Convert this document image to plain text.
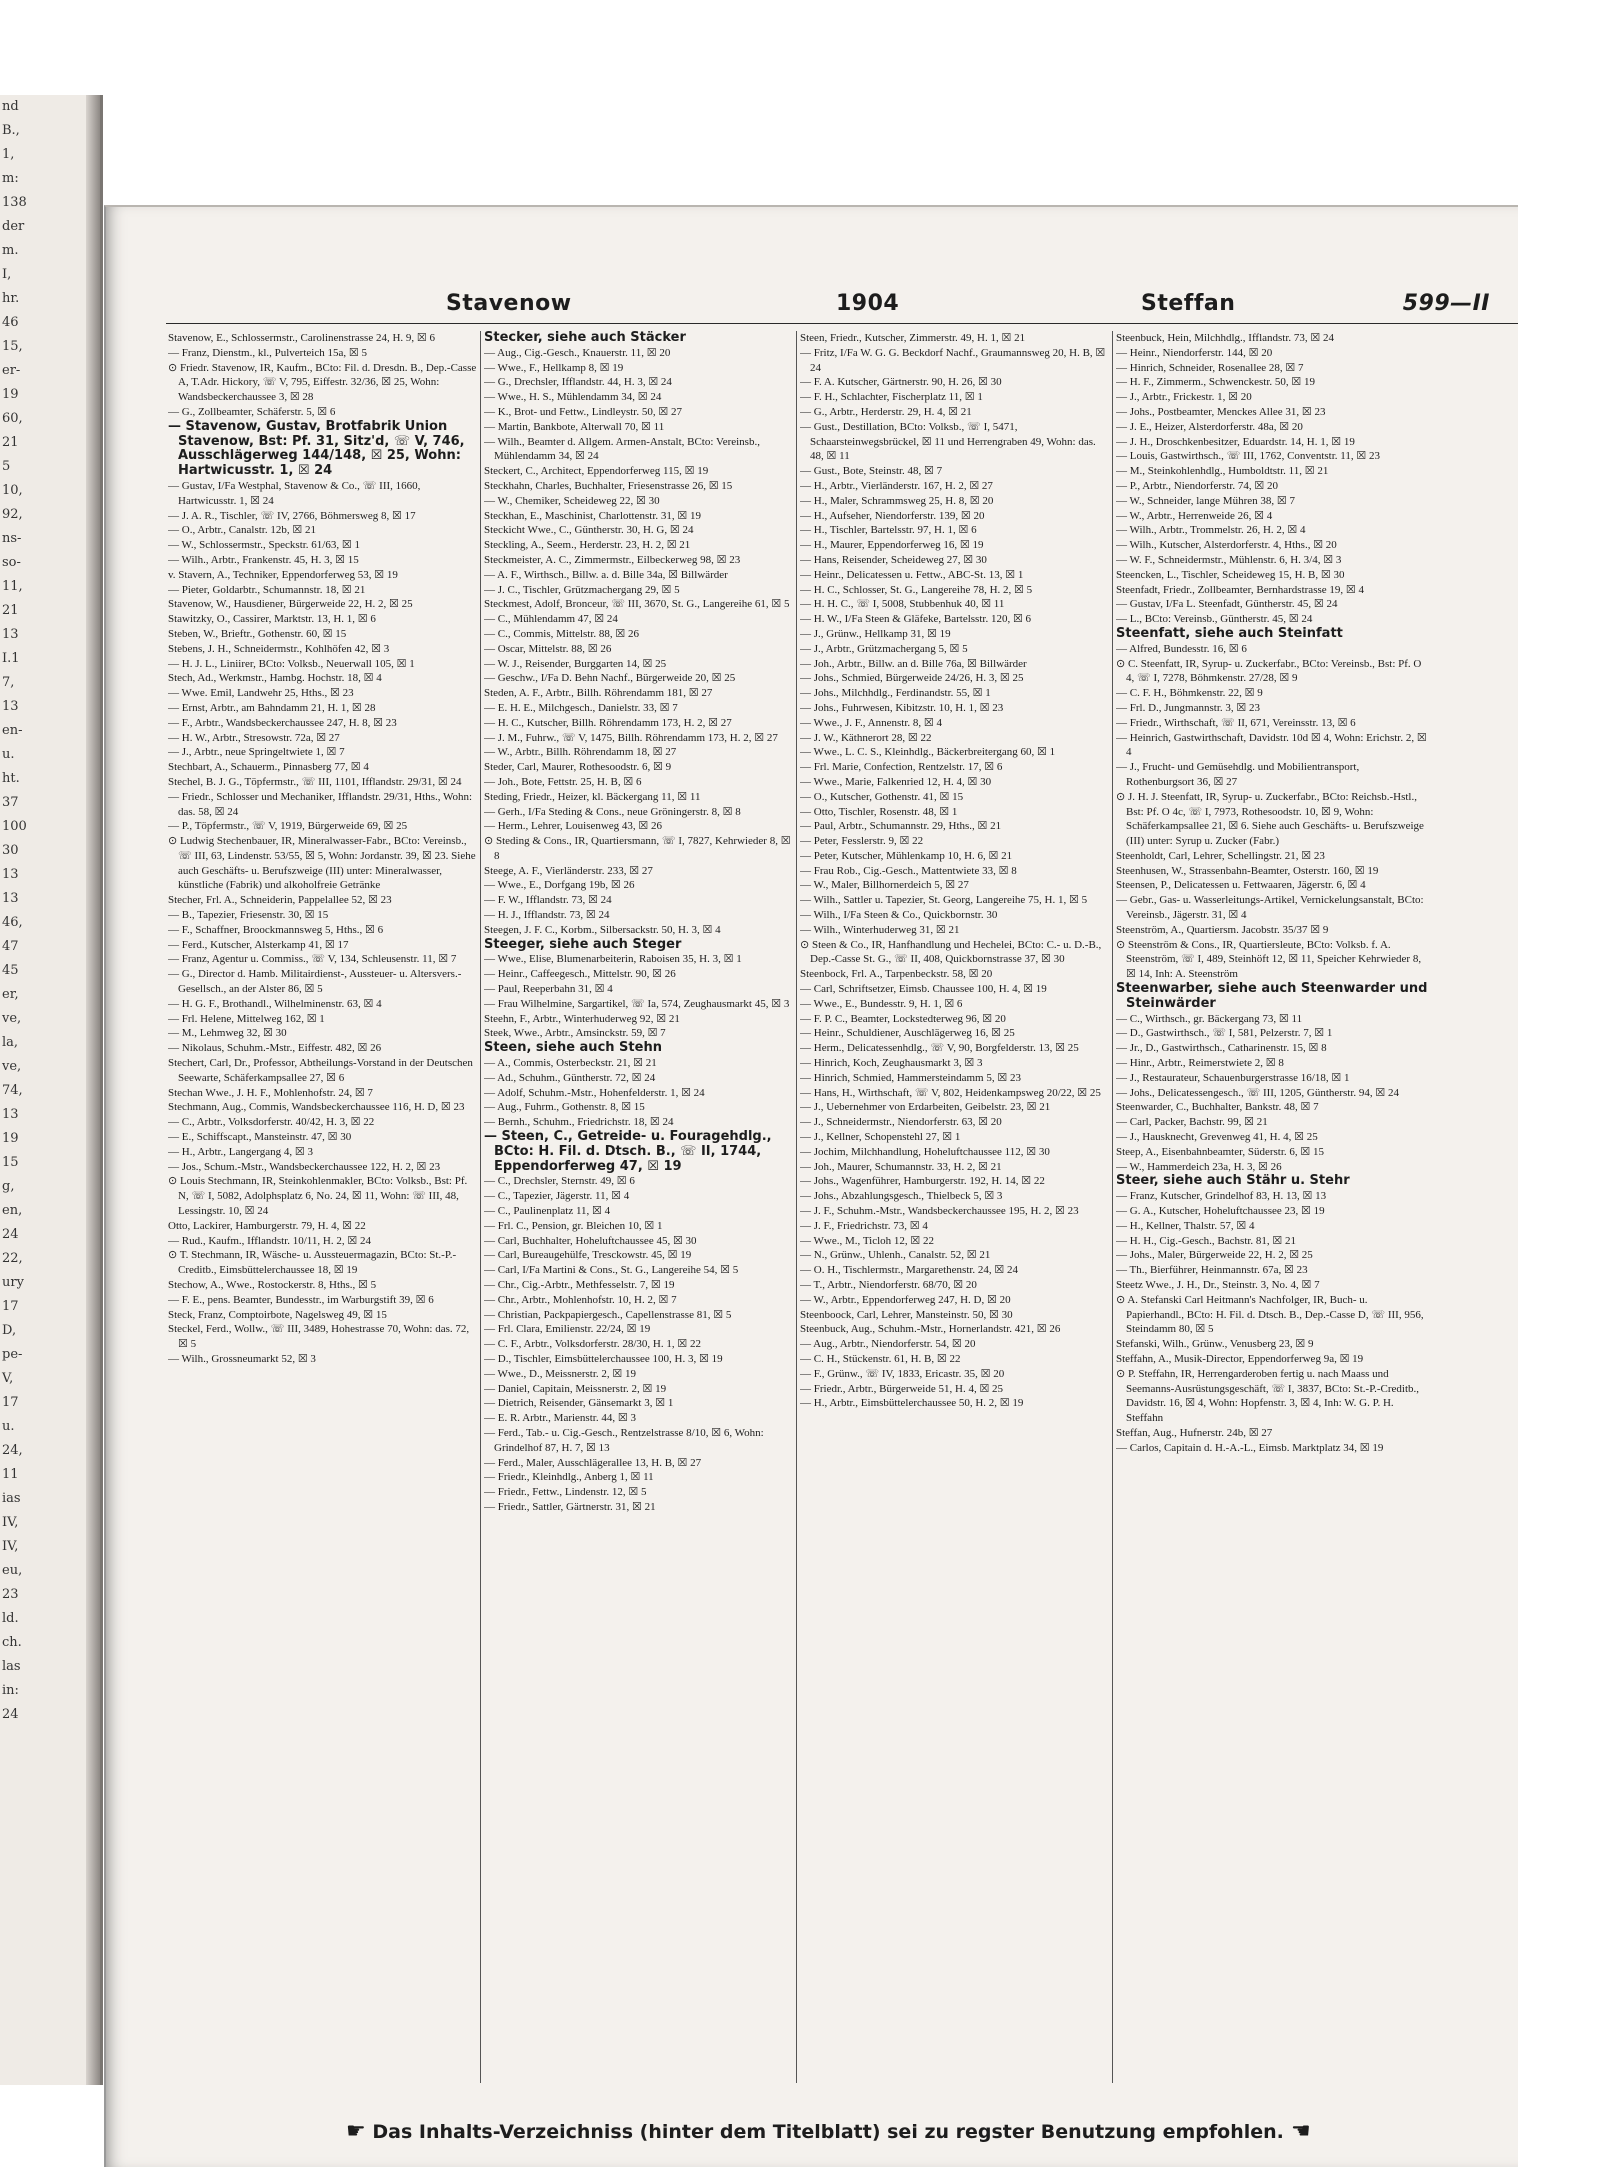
nd
B.,
1,
m:
138
der
m.
I,
hr.
46
15,
er-
19
60,
21
5
10,
92,
ns-
so-
11,
21
13
I.1
7,
13
en-
u.
ht.
37
100
30
13
13
46,
47
45
er,
ve,
la,
ve,
74,
13
19
15
g,
en,
24
22,
ury
17
D,
pe-
V,
17
u.
24,
11
ias
IV,
IV,
eu,
23
ld.
ch.
las
in:
24
Stavenow	1904	Steffan	599—II

Stavenow, E., Schlossermstr., Carolinenstrasse 24, H. 9, ☒ 6

— Franz, Dienstm., kl., Pulverteich 15a, ☒ 5

⊙ Friedr. Stavenow, IR, Kaufm., BCto: Fil. d. Dresdn. B., Dep.-Casse A, T.Adr. Hickory, ☏ V, 795, Eiffestr. 32/36, ☒ 25, Wohn: Wandsbeckerchaussee 3, ☒ 28

— G., Zollbeamter, Schäferstr. 5, ☒ 6

— Stavenow, Gustav, Brotfabrik Union Stavenow, Bst: Pf. 31, Sitz'd, ☏ V, 746, Ausschlägerweg 144/148, ☒ 25, Wohn: Hartwicusstr. 1, ☒ 24

— Gustav, I/Fa Westphal, Stavenow & Co., ☏ III, 1660, Hartwicusstr. 1, ☒ 24

— J. A. R., Tischler, ☏ IV, 2766, Böhmersweg 8, ☒ 17

— O., Arbtr., Canalstr. 12b, ☒ 21

— W., Schlossermstr., Speckstr. 61/63, ☒ 1

— Wilh., Arbtr., Frankenstr. 45, H. 3, ☒ 15

v. Stavern, A., Techniker, Eppendorferweg 53, ☒ 19

— Pieter, Goldarbtr., Schumannstr. 18, ☒ 21

Stavenow, W., Hausdiener, Bürgerweide 22, H. 2, ☒ 25

Stawitzky, O., Cassirer, Marktstr. 13, H. 1, ☒ 6

Steben, W., Brieftr., Gothenstr. 60, ☒ 15

Stebens, J. H., Schneidermstr., Kohlhöfen 42, ☒ 3

— H. J. L., Liniirer, BCto: Volksb., Neuerwall 105, ☒ 1

Stech, Ad., Werkmstr., Hambg. Hochstr. 18, ☒ 4

— Wwe. Emil, Landwehr 25, Hths., ☒ 23

— Ernst, Arbtr., am Bahndamm 21, H. 1, ☒ 28

— F., Arbtr., Wandsbeckerchaussee 247, H. 8, ☒ 23

— H. W., Arbtr., Stresowstr. 72a, ☒ 27

— J., Arbtr., neue Springeltwiete 1, ☒ 7

Stechbart, A., Schauerm., Pinnasberg 77, ☒ 4

Stechel, B. J. G., Töpfermstr., ☏ III, 1101, Ifflandstr. 29/31, ☒ 24

— Friedr., Schlosser und Mechaniker, Ifflandstr. 29/31, Hths., Wohn: das. 58, ☒ 24

— P., Töpfermstr., ☏ V, 1919, Bürgerweide 69, ☒ 25

⊙ Ludwig Stechenbauer, IR, Mineralwasser-Fabr., BCto: Vereinsb., ☏ III, 63, Lindenstr. 53/55, ☒ 5, Wohn: Jordanstr. 39, ☒ 23. Siehe auch Geschäfts- u. Berufszweige (III) unter: Mineralwasser, künstliche (Fabrik) und alkoholfreie Getränke

Stecher, Frl. A., Schneiderin, Pappelallee 52, ☒ 23

— B., Tapezier, Friesenstr. 30, ☒ 15

— F., Schaffner, Broockmannsweg 5, Hths., ☒ 6

— Ferd., Kutscher, Alsterkamp 41, ☒ 17

— Franz, Agentur u. Commiss., ☏ V, 134, Schleusenstr. 11, ☒ 7

— G., Director d. Hamb. Militairdienst-, Aussteuer- u. Altersvers.-Gesellsch., an der Alster 86, ☒ 5

— H. G. F., Brothandl., Wilhelminenstr. 63, ☒ 4

— Frl. Helene, Mittelweg 162, ☒ 1

— M., Lehmweg 32, ☒ 30

— Nikolaus, Schuhm.-Mstr., Eiffestr. 482, ☒ 26

Stechert, Carl, Dr., Professor, Abtheilungs-Vorstand in der Deutschen Seewarte, Schäferkampsallee 27, ☒ 6

Stechan Wwe., J. H. F., Mohlenhofstr. 24, ☒ 7

Stechmann, Aug., Commis, Wandsbeckerchaussee 116, H. D, ☒ 23

— C., Arbtr., Volksdorferstr. 40/42, H. 3, ☒ 22

— E., Schiffscapt., Mansteinstr. 47, ☒ 30

— H., Arbtr., Langergang 4, ☒ 3

— Jos., Schum.-Mstr., Wandsbeckerchaussee 122, H. 2, ☒ 23

⊙ Louis Stechmann, IR, Steinkohlenmakler, BCto: Volksb., Bst: Pf. N, ☏ I, 5082, Adolphsplatz 6, No. 24, ☒ 11, Wohn: ☏ III, 48, Lessingstr. 10, ☒ 24

Otto, Lackirer, Hamburgerstr. 79, H. 4, ☒ 22

— Rud., Kaufm., Ifflandstr. 10/11, H. 2, ☒ 24

⊙ T. Stechmann, IR, Wäsche- u. Aussteuermagazin, BCto: St.-P.-Creditb., Eimsbüttelerchaussee 18, ☒ 19

Stechow, A., Wwe., Rostockerstr. 8, Hths., ☒ 5

— F. E., pens. Beamter, Bundesstr., im Warburgstift 39, ☒ 6

Steck, Franz, Comptoirbote, Nagelsweg 49, ☒ 15

Steckel, Ferd., Wollw., ☏ III, 3489, Hohestrasse 70, Wohn: das. 72, ☒ 5

— Wilh., Grossneumarkt 52, ☒ 3

Stecker, siehe auch Stäcker

— Aug., Cig.-Gesch., Knauerstr. 11, ☒ 20

— Wwe., F., Hellkamp 8, ☒ 19

— G., Drechsler, Ifflandstr. 44, H. 3, ☒ 24

— Wwe., H. S., Mühlendamm 34, ☒ 24

— K., Brot- und Fettw., Lindleystr. 50, ☒ 27

— Martin, Bankbote, Alterwall 70, ☒ 11

— Wilh., Beamter d. Allgem. Armen-Anstalt, BCto: Vereinsb., Mühlendamm 34, ☒ 24

Steckert, C., Architect, Eppendorferweg 115, ☒ 19

Steckhahn, Charles, Buchhalter, Friesenstrasse 26, ☒ 15

— W., Chemiker, Scheideweg 22, ☒ 30

Steckhan, E., Maschinist, Charlottenstr. 31, ☒ 19

Steckicht Wwe., C., Güntherstr. 30, H. G, ☒ 24

Steckling, A., Seem., Herderstr. 23, H. 2, ☒ 21

Steckmeister, A. C., Zimmermstr., Eilbeckerweg 98, ☒ 23

— A. F., Wirthsch., Billw. a. d. Bille 34a, ☒ Billwärder

— J. C., Tischler, Grützmachergang 29, ☒ 5

Steckmest, Adolf, Bronceur, ☏ III, 3670, St. G., Langereihe 61, ☒ 5

— C., Mühlendamm 47, ☒ 24

— C., Commis, Mittelstr. 88, ☒ 26

— Oscar, Mittelstr. 88, ☒ 26

— W. J., Reisender, Burggarten 14, ☒ 25

— Geschw., I/Fa D. Behn Nachf., Bürgerweide 20, ☒ 25

Steden, A. F., Arbtr., Billh. Röhrendamm 181, ☒ 27

— E. H. E., Milchgesch., Danielstr. 33, ☒ 7

— H. C., Kutscher, Billh. Röhrendamm 173, H. 2, ☒ 27

— J. M., Fuhrw., ☏ V, 1475, Billh. Röhrendamm 173, H. 2, ☒ 27

— W., Arbtr., Billh. Röhrendamm 18, ☒ 27

Steder, Carl, Maurer, Rothesoodstr. 6, ☒ 9

— Joh., Bote, Fettstr. 25, H. B, ☒ 6

Steding, Friedr., Heizer, kl. Bäckergang 11, ☒ 11

— Gerh., I/Fa Steding & Cons., neue Gröningerstr. 8, ☒ 8

— Herm., Lehrer, Louisenweg 43, ☒ 26

⊙ Steding & Cons., IR, Quartiersmann, ☏ I, 7827, Kehrwieder 8, ☒ 8

Steege, A. F., Vierländerstr. 233, ☒ 27

— Wwe., E., Dorfgang 19b, ☒ 26

— F. W., Ifflandstr. 73, ☒ 24

— H. J., Ifflandstr. 73, ☒ 24

Steegen, J. F. C., Korbm., Silbersackstr. 50, H. 3, ☒ 4

Steeger, siehe auch Steger

— Wwe., Elise, Blumenarbeiterin, Raboisen 35, H. 3, ☒ 1

— Heinr., Caffeegesch., Mittelstr. 90, ☒ 26

— Paul, Reeperbahn 31, ☒ 4

— Frau Wilhelmine, Sargartikel, ☏ Ia, 574, Zeughausmarkt 45, ☒ 3

Steehn, F., Arbtr., Winterhuderweg 92, ☒ 21

Steek, Wwe., Arbtr., Amsinckstr. 59, ☒ 7

Steen, siehe auch Stehn

— A., Commis, Osterbeckstr. 21, ☒ 21

— Ad., Schuhm., Güntherstr. 72, ☒ 24

— Adolf, Schuhm.-Mstr., Hohenfelderstr. 1, ☒ 24

— Aug., Fuhrm., Gothenstr. 8, ☒ 15

— Bernh., Schuhm., Friedrichstr. 18, ☒ 24

— Steen, C., Getreide- u. Fouragehdlg., BCto: H. Fil. d. Dtsch. B., ☏ II, 1744, Eppendorferweg 47, ☒ 19

— C., Drechsler, Sternstr. 49, ☒ 6

— C., Tapezier, Jägerstr. 11, ☒ 4

— C., Paulinenplatz 11, ☒ 4

— Frl. C., Pension, gr. Bleichen 10, ☒ 1

— Carl, Buchhalter, Hoheluftchaussee 45, ☒ 30

— Carl, Bureaugehülfe, Tresckowstr. 45, ☒ 19

— Carl, I/Fa Martini & Cons., St. G., Langereihe 54, ☒ 5

— Chr., Cig.-Arbtr., Methfesselstr. 7, ☒ 19

— Chr., Arbtr., Mohlenhofstr. 10, H. 2, ☒ 7

— Christian, Packpapiergesch., Capellenstrasse 81, ☒ 5

— Frl. Clara, Emilienstr. 22/24, ☒ 19

— C. F., Arbtr., Volksdorferstr. 28/30, H. 1, ☒ 22

— D., Tischler, Eimsbüttelerchaussee 100, H. 3, ☒ 19

— Wwe., D., Meissnerstr. 2, ☒ 19

— Daniel, Capitain, Meissnerstr. 2, ☒ 19

— Dietrich, Reisender, Gänsemarkt 3, ☒ 1

— E. R. Arbtr., Marienstr. 44, ☒ 3

— Ferd., Tab.- u. Cig.-Gesch., Rentzelstrasse 8/10, ☒ 6, Wohn: Grindelhof 87, H. 7, ☒ 13

— Ferd., Maler, Ausschlägerallee 13, H. B, ☒ 27

— Friedr., Kleinhdlg., Anberg 1, ☒ 11

— Friedr., Fettw., Lindenstr. 12, ☒ 5

— Friedr., Sattler, Gärtnerstr. 31, ☒ 21

Steen, Friedr., Kutscher, Zimmerstr. 49, H. 1, ☒ 21

— Fritz, I/Fa W. G. G. Beckdorf Nachf., Graumannsweg 20, H. B, ☒ 24

— F. A. Kutscher, Gärtnerstr. 90, H. 26, ☒ 30

— F. H., Schlachter, Fischerplatz 11, ☒ 1

— G., Arbtr., Herderstr. 29, H. 4, ☒ 21

— Gust., Destillation, BCto: Volksb., ☏ I, 5471, Schaarsteinwegsbrückel, ☒ 11 und Herrengraben 49, Wohn: das. 48, ☒ 11

— Gust., Bote, Steinstr. 48, ☒ 7

— H., Arbtr., Vierländerstr. 167, H. 2, ☒ 27

— H., Maler, Schrammsweg 25, H. 8, ☒ 20

— H., Aufseher, Niendorferstr. 139, ☒ 20

— H., Tischler, Bartelsstr. 97, H. 1, ☒ 6

— H., Maurer, Eppendorferweg 16, ☒ 19

— Hans, Reisender, Scheideweg 27, ☒ 30

— Heinr., Delicatessen u. Fettw., ABC-St. 13, ☒ 1

— H. C., Schlosser, St. G., Langereihe 78, H. 2, ☒ 5

— H. H. C., ☏ I, 5008, Stubbenhuk 40, ☒ 11

— H. W., I/Fa Steen & Gläfeke, Bartelsstr. 120, ☒ 6

— J., Grünw., Hellkamp 31, ☒ 19

— J., Arbtr., Grützmachergang 5, ☒ 5

— Joh., Arbtr., Billw. an d. Bille 76a, ☒ Billwärder

— Johs., Schmied, Bürgerweide 24/26, H. 3, ☒ 25

— Johs., Milchhdlg., Ferdinandstr. 55, ☒ 1

— Johs., Fuhrwesen, Kibitzstr. 10, H. 1, ☒ 23

— Wwe., J. F., Annenstr. 8, ☒ 4

— J. W., Käthnerort 28, ☒ 22

— Wwe., L. C. S., Kleinhdlg., Bäckerbreitergang 60, ☒ 1

— Frl. Marie, Confection, Rentzelstr. 17, ☒ 6

— Wwe., Marie, Falkenried 12, H. 4, ☒ 30

— O., Kutscher, Gothenstr. 41, ☒ 15

— Otto, Tischler, Rosenstr. 48, ☒ 1

— Paul, Arbtr., Schumannstr. 29, Hths., ☒ 21

— Peter, Fesslerstr. 9, ☒ 22

— Peter, Kutscher, Mühlenkamp 10, H. 6, ☒ 21

— Frau Rob., Cig.-Gesch., Mattentwiete 33, ☒ 8

— W., Maler, Billhornerdeich 5, ☒ 27

— Wilh., Sattler u. Tapezier, St. Georg, Langereihe 75, H. 1, ☒ 5

— Wilh., I/Fa Steen & Co., Quickbornstr. 30

— Wilh., Winterhuderweg 31, ☒ 21

⊙ Steen & Co., IR, Hanfhandlung und Hechelei, BCto: C.- u. D.-B., Dep.-Casse St. G., ☏ II, 408, Quickbornstrasse 37, ☒ 30

Steenbock, Frl. A., Tarpenbeckstr. 58, ☒ 20

— Carl, Schriftsetzer, Eimsb. Chaussee 100, H. 4, ☒ 19

— Wwe., E., Bundesstr. 9, H. 1, ☒ 6

— F. P. C., Beamter, Lockstedterweg 96, ☒ 20

— Heinr., Schuldiener, Auschlägerweg 16, ☒ 25

— Herm., Delicatessenhdlg., ☏ V, 90, Borgfelderstr. 13, ☒ 25

— Hinrich, Koch, Zeughausmarkt 3, ☒ 3

— Hinrich, Schmied, Hammersteindamm 5, ☒ 23

— Hans, H., Wirthschaft, ☏ V, 802, Heidenkampsweg 20/22, ☒ 25

— J., Uebernehmer von Erdarbeiten, Geibelstr. 23, ☒ 21

— J., Schneidermstr., Niendorferstr. 63, ☒ 20

— J., Kellner, Schopenstehl 27, ☒ 1

— Jochim, Milchhandlung, Hoheluftchaussee 112, ☒ 30

— Joh., Maurer, Schumannstr. 33, H. 2, ☒ 21

— Johs., Wagenführer, Hamburgerstr. 192, H. 14, ☒ 22

— Johs., Abzahlungsgesch., Thielbeck 5, ☒ 3

— J. F., Schuhm.-Mstr., Wandsbeckerchaussee 195, H. 2, ☒ 23

— J. F., Friedrichstr. 73, ☒ 4

— Wwe., M., Ticloh 12, ☒ 22

— N., Grünw., Uhlenh., Canalstr. 52, ☒ 21

— O. H., Tischlermstr., Margarethenstr. 24, ☒ 24

— T., Arbtr., Niendorferstr. 68/70, ☒ 20

— W., Arbtr., Eppendorferweg 247, H. D, ☒ 20

Steenboock, Carl, Lehrer, Mansteinstr. 50, ☒ 30

Steenbuck, Aug., Schuhm.-Mstr., Hornerlandstr. 421, ☒ 26

— Aug., Arbtr., Niendorferstr. 54, ☒ 20

— C. H., Stückenstr. 61, H. B, ☒ 22

— F., Grünw., ☏ IV, 1833, Ericastr. 35, ☒ 20

— Friedr., Arbtr., Bürgerweide 51, H. 4, ☒ 25

— H., Arbtr., Eimsbüttelerchaussee 50, H. 2, ☒ 19

Steenbuck, Hein, Milchhdlg., Ifflandstr. 73, ☒ 24

— Heinr., Niendorferstr. 144, ☒ 20

— Hinrich, Schneider, Rosenallee 28, ☒ 7

— H. F., Zimmerm., Schwenckestr. 50, ☒ 19

— J., Arbtr., Frickestr. 1, ☒ 20

— Johs., Postbeamter, Menckes Allee 31, ☒ 23

— J. E., Heizer, Alsterdorferstr. 48a, ☒ 20

— J. H., Droschkenbesitzer, Eduardstr. 14, H. 1, ☒ 19

— Louis, Gastwirthsch., ☏ III, 1762, Conventstr. 11, ☒ 23

— M., Steinkohlenhdlg., Humboldtstr. 11, ☒ 21

— P., Arbtr., Niendorferstr. 74, ☒ 20

— W., Schneider, lange Mühren 38, ☒ 7

— W., Arbtr., Herrenweide 26, ☒ 4

— Wilh., Arbtr., Trommelstr. 26, H. 2, ☒ 4

— Wilh., Kutscher, Alsterdorferstr. 4, Hths., ☒ 20

— W. F., Schneidermstr., Mühlenstr. 6, H. 3/4, ☒ 3

Steencken, L., Tischler, Scheideweg 15, H. B, ☒ 30

Steenfadt, Friedr., Zollbeamter, Bernhardstrasse 19, ☒ 4

— Gustav, I/Fa L. Steenfadt, Güntherstr. 45, ☒ 24

— L., BCto: Vereinsb., Güntherstr. 45, ☒ 24

Steenfatt, siehe auch Steinfatt

— Alfred, Bundesstr. 16, ☒ 6

⊙ C. Steenfatt, IR, Syrup- u. Zuckerfabr., BCto: Vereinsb., Bst: Pf. O 4, ☏ I, 7278, Böhmkenstr. 27/28, ☒ 9

— C. F. H., Böhmkenstr. 22, ☒ 9

— Frl. D., Jungmannstr. 3, ☒ 23

— Friedr., Wirthschaft, ☏ II, 671, Vereinsstr. 13, ☒ 6

— Heinrich, Gastwirthschaft, Davidstr. 10d ☒ 4, Wohn: Erichstr. 2, ☒ 4

— J., Frucht- und Gemüsehdlg. und Mobilientransport, Rothenburgsort 36, ☒ 27

⊙ J. H. J. Steenfatt, IR, Syrup- u. Zuckerfabr., BCto: Reichsb.-Hstl., Bst: Pf. O 4c, ☏ I, 7973, Rothesoodstr. 10, ☒ 9, Wohn: Schäferkampsallee 21, ☒ 6. Siehe auch Geschäfts- u. Berufszweige (III) unter: Syrup u. Zucker (Fabr.)

Steenholdt, Carl, Lehrer, Schellingstr. 21, ☒ 23

Steenhusen, W., Strassenbahn-Beamter, Osterstr. 160, ☒ 19

Steensen, P., Delicatessen u. Fettwaaren, Jägerstr. 6, ☒ 4

— Gebr., Gas- u. Wasserleitungs-Artikel, Vernickelungsanstalt, BCto: Vereinsb., Jägerstr. 31, ☒ 4

Steenström, A., Quartiersm. Jacobstr. 35/37 ☒ 9

⊙ Steenström & Cons., IR, Quartiersleute, BCto: Volksb. f. A. Steenström, ☏ I, 489, Steinhöft 12, ☒ 11, Speicher Kehrwieder 8, ☒ 14, Inh: A. Steenström

Steenwarber, siehe auch Steenwarder und Steinwärder

— C., Wirthsch., gr. Bäckergang 73, ☒ 11

— D., Gastwirthsch., ☏ I, 581, Pelzerstr. 7, ☒ 1

— Jr., D., Gastwirthsch., Catharinenstr. 15, ☒ 8

— Hinr., Arbtr., Reimerstwiete 2, ☒ 8

— J., Restaurateur, Schauenburgerstrasse 16/18, ☒ 1

— Johs., Delicatessengesch., ☏ III, 1205, Güntherstr. 94, ☒ 24

Steenwarder, C., Buchhalter, Bankstr. 48, ☒ 7

— Carl, Packer, Bachstr. 99, ☒ 21

— J., Hausknecht, Grevenweg 41, H. 4, ☒ 25

Steep, A., Eisenbahnbeamter, Süderstr. 6, ☒ 15

— W., Hammerdeich 23a, H. 3, ☒ 26

Steer, siehe auch Stähr u. Stehr

— Franz, Kutscher, Grindelhof 83, H. 13, ☒ 13

— G. A., Kutscher, Hoheluftchaussee 23, ☒ 19

— H., Kellner, Thalstr. 57, ☒ 4

— H. H., Cig.-Gesch., Bachstr. 81, ☒ 21

— Johs., Maler, Bürgerweide 22, H. 2, ☒ 25

— Th., Bierführer, Heinmannstr. 67a, ☒ 23

Steetz Wwe., J. H., Dr., Steinstr. 3, No. 4, ☒ 7

⊙ A. Stefanski Carl Heitmann's Nachfolger, IR, Buch- u. Papierhandl., BCto: H. Fil. d. Dtsch. B., Dep.-Casse D, ☏ III, 956, Steindamm 80, ☒ 5

Stefanski, Wilh., Grünw., Venusberg 23, ☒ 9

Steffahn, A., Musik-Director, Eppendorferweg 9a, ☒ 19

⊙ P. Steffahn, IR, Herrengarderoben fertig u. nach Maass und Seemanns-Ausrüstungsgeschäft, ☏ I, 3837, BCto: St.-P.-Creditb., Davidstr. 16, ☒ 4, Wohn: Hopfenstr. 3, ☒ 4, Inh: W. G. P. H. Steffahn

Steffan, Aug., Hufnerstr. 24b, ☒ 27

— Carlos, Capitain d. H.-A.-L., Eimsb. Marktplatz 34, ☒ 19

☛ Das Inhalts-Verzeichniss (hinter dem Titelblatt) sei zu regster Benutzung empfohlen. ☛
